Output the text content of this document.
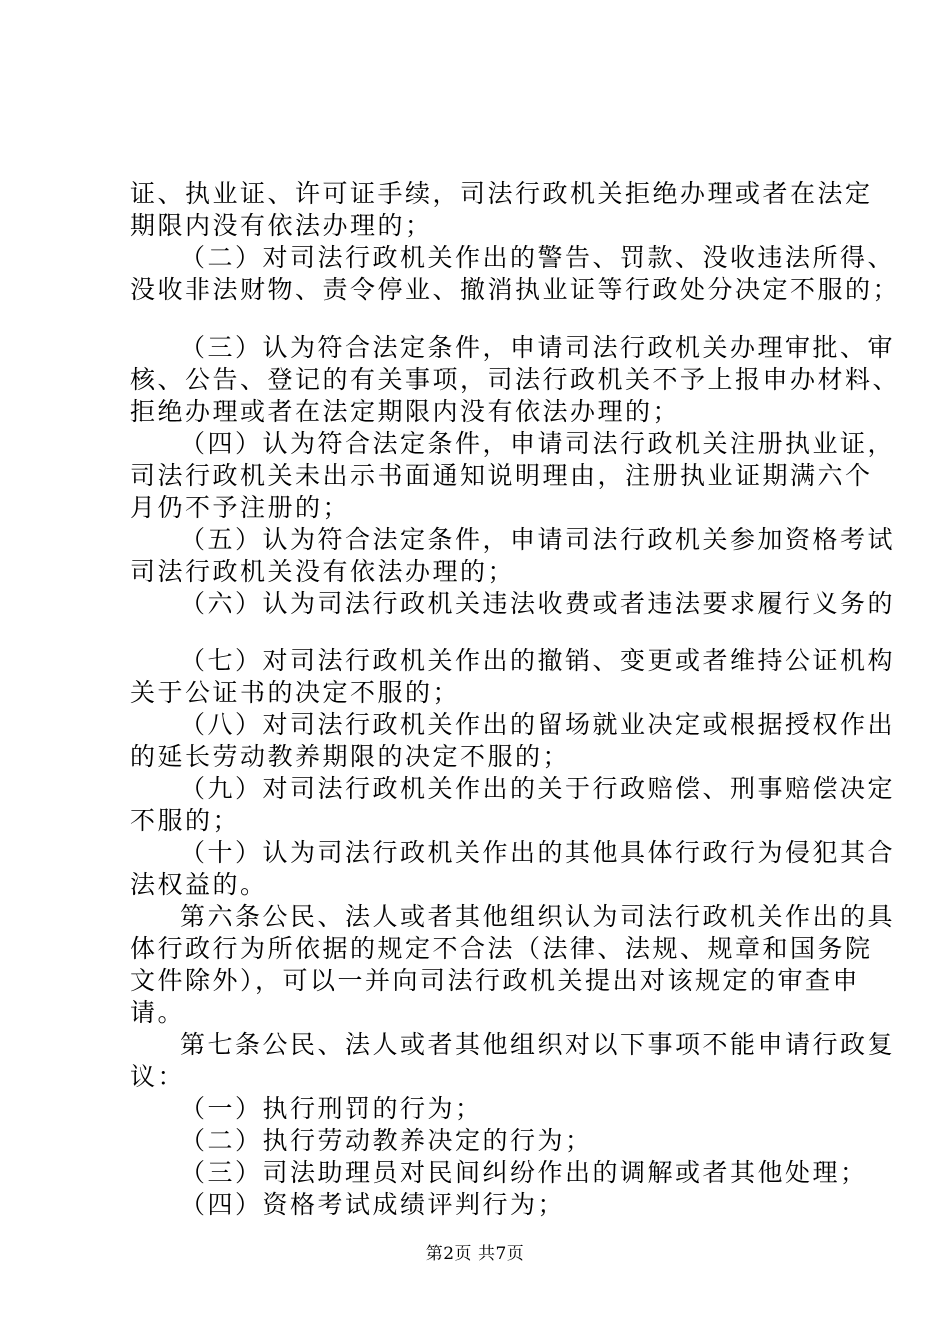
证、执业证、许可证手续，司法行政机关拒绝办理或者在法定
期限内没有依法办理的；
（二）对司法行政机关作出的警告、罚款、没收违法所得、
没收非法财物、责令停业、撤消执业证等行政处分决定不服的；
（三）认为符合法定条件，申请司法行政机关办理审批、审
核、公告、登记的有关事项，司法行政机关不予上报申办材料、
拒绝办理或者在法定期限内没有依法办理的；
（四）认为符合法定条件，申请司法行政机关注册执业证，
司法行政机关未出示书面通知说明理由，注册执业证期满六个
月仍不予注册的；
（五）认为符合法定条件，申请司法行政机关参加资格考试
司法行政机关没有依法办理的；
（六）认为司法行政机关违法收费或者违法要求履行义务的
（七）对司法行政机关作出的撤销、变更或者维持公证机构
关于公证书的决定不服的；
（八）对司法行政机关作出的留场就业决定或根据授权作出
的延长劳动教养期限的决定不服的；
（九）对司法行政机关作出的关于行政赔偿、刑事赔偿决定
不服的；
（十）认为司法行政机关作出的其他具体行政行为侵犯其合
法权益的。
第六条公民、法人或者其他组织认为司法行政机关作出的具
体行政行为所依据的规定不合法（法律、法规、规章和国务院
文件除外），可以一并向司法行政机关提出对该规定的审查申
请。
第七条公民、法人或者其他组织对以下事项不能申请行政复
议：
（一）执行刑罚的行为；
（二）执行劳动教养决定的行为；
（三）司法助理员对民间纠纷作出的调解或者其他处理；
（四）资格考试成绩评判行为；
第2页 共7页
